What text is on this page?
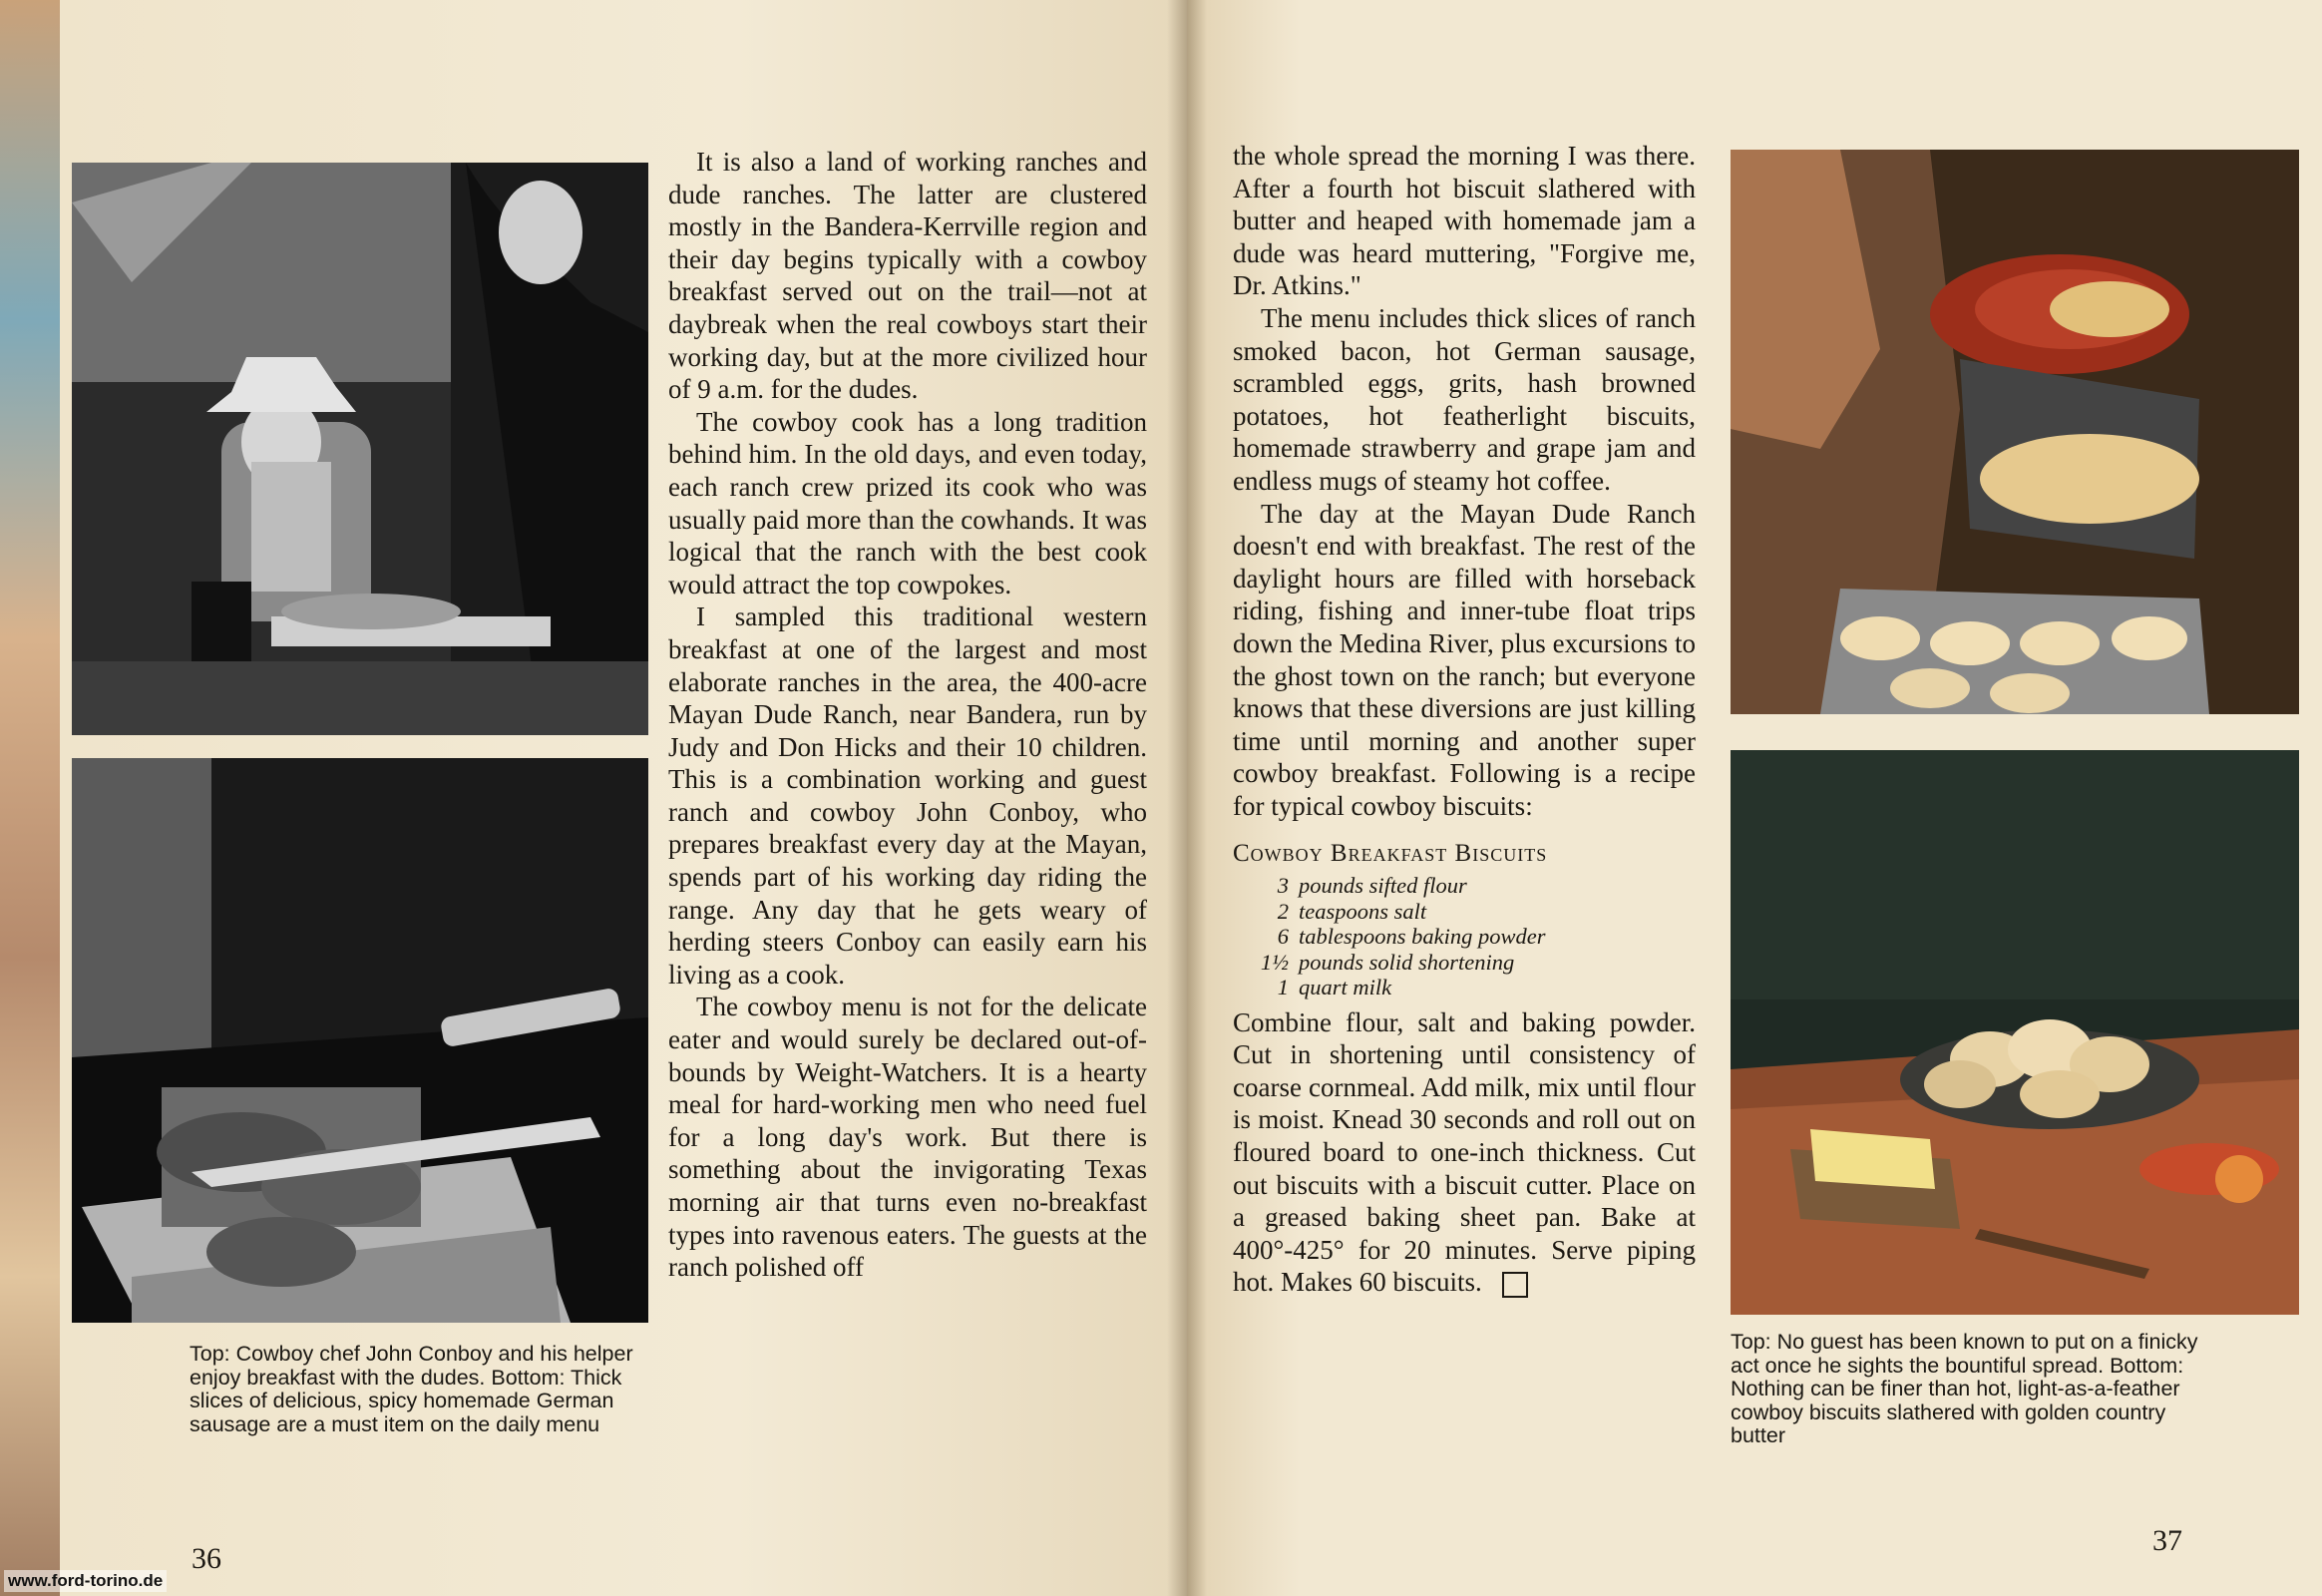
Top: Cowboy chef John Conboy and his helper enjoy breakfast with the dudes. Bottom: Thick slices of delicious, spicy homemade German sausage are a must item on the daily menu

It is also a land of working ranches and dude ranches. The latter are clustered mostly in the Bandera-Kerrville region and their day begins typically with a cowboy breakfast served out on the trail—not at daybreak when the real cowboys start their working day, but at the more civilized hour of 9 a.m. for the dudes.

The cowboy cook has a long tradition behind him. In the old days, and even today, each ranch crew prized its cook who was usually paid more than the cowhands. It was logical that the ranch with the best cook would attract the top cowpokes.

I sampled this traditional western breakfast at one of the largest and most elaborate ranches in the area, the 400-acre Mayan Dude Ranch, near Bandera, run by Judy and Don Hicks and their 10 children. This is a combination working and guest ranch and cowboy John Conboy, who prepares breakfast every day at the Mayan, spends part of his working day riding the range. Any day that he gets weary of herding steers Conboy can easily earn his living as a cook.

The cowboy menu is not for the delicate eater and would surely be declared out-of-bounds by Weight-Watchers. It is a hearty meal for hard-working men who need fuel for a long day's work. But there is something about the invigorating Texas morning air that turns even no-breakfast types into ravenous eaters. The guests at the ranch polished off

36

the whole spread the morning I was there. After a fourth hot biscuit slathered with butter and heaped with homemade jam a dude was heard muttering, "Forgive me, Dr. Atkins."

The menu includes thick slices of ranch smoked bacon, hot German sausage, scrambled eggs, grits, hash browned potatoes, hot featherlight biscuits, homemade strawberry and grape jam and endless mugs of steamy hot coffee.

The day at the Mayan Dude Ranch doesn't end with breakfast. The rest of the daylight hours are filled with horseback riding, fishing and inner-tube float trips down the Medina River, plus excursions to the ghost town on the ranch; but everyone knows that these diversions are just killing time until morning and another super cowboy breakfast. Following is a recipe for typical cowboy biscuits:

Cowboy Breakfast Biscuits
3 pounds sifted flour
2 teaspoons salt
6 tablespoons baking powder
1½ pounds solid shortening
1 quart milk

Combine flour, salt and baking powder. Cut in shortening until consistency of coarse cornmeal. Add milk, mix until flour is moist. Knead 30 seconds and roll out on floured board to one-inch thickness. Cut out biscuits with a biscuit cutter. Place on a greased baking sheet pan. Bake at 400°-425° for 20 minutes. Serve piping hot. Makes 60 biscuits.

Top: No guest has been known to put on a finicky act once he sights the bountiful spread. Bottom: Nothing can be finer than hot, light-as-a-feather cowboy biscuits slathered with golden country butter
37
www.ford-torino.de
